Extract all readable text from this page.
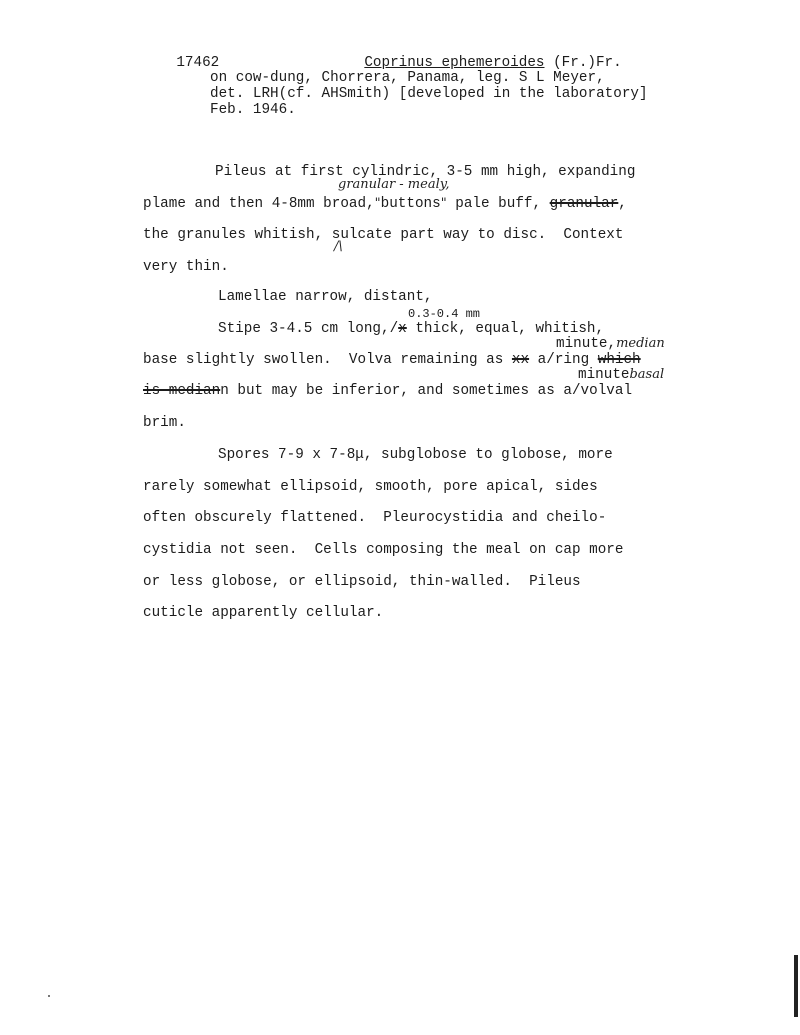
17462
	Coprinus ephemeroides (Fr.)Fr.

on cow-dung, Chorrera, Panama, leg. S L Meyer,
det. LRH(cf. AHSmith) [developed in the laboratory]
Feb. 1946.
Pileus at first cylindric, 3-5 mm high, expanding
granular - mealy,
plame and then 4-8mm broad,"buttons" pale buff, granular,
the granules whitish, sulcate part way to disc.  Context
/\
very thin.
Lamellae narrow, distant,
0.3-0.4 mm
Stipe 3-4.5 cm long,/x thick, equal, whitish,
minute,median
base slightly swollen.  Volva remaining as xx a/ring which
minutebasal
is mediann but may be inferior, and sometimes as a/volval
brim.
Spores 7-9 x 7-8μ, subglobose to globose, more
rarely somewhat ellipsoid, smooth, pore apical, sides
often obscurely flattened.  Pleurocystidia and cheilo-
cystidia not seen.  Cells composing the meal on cap more
or less globose, or ellipsoid, thin-walled.  Pileus
cuticle apparently cellular.
